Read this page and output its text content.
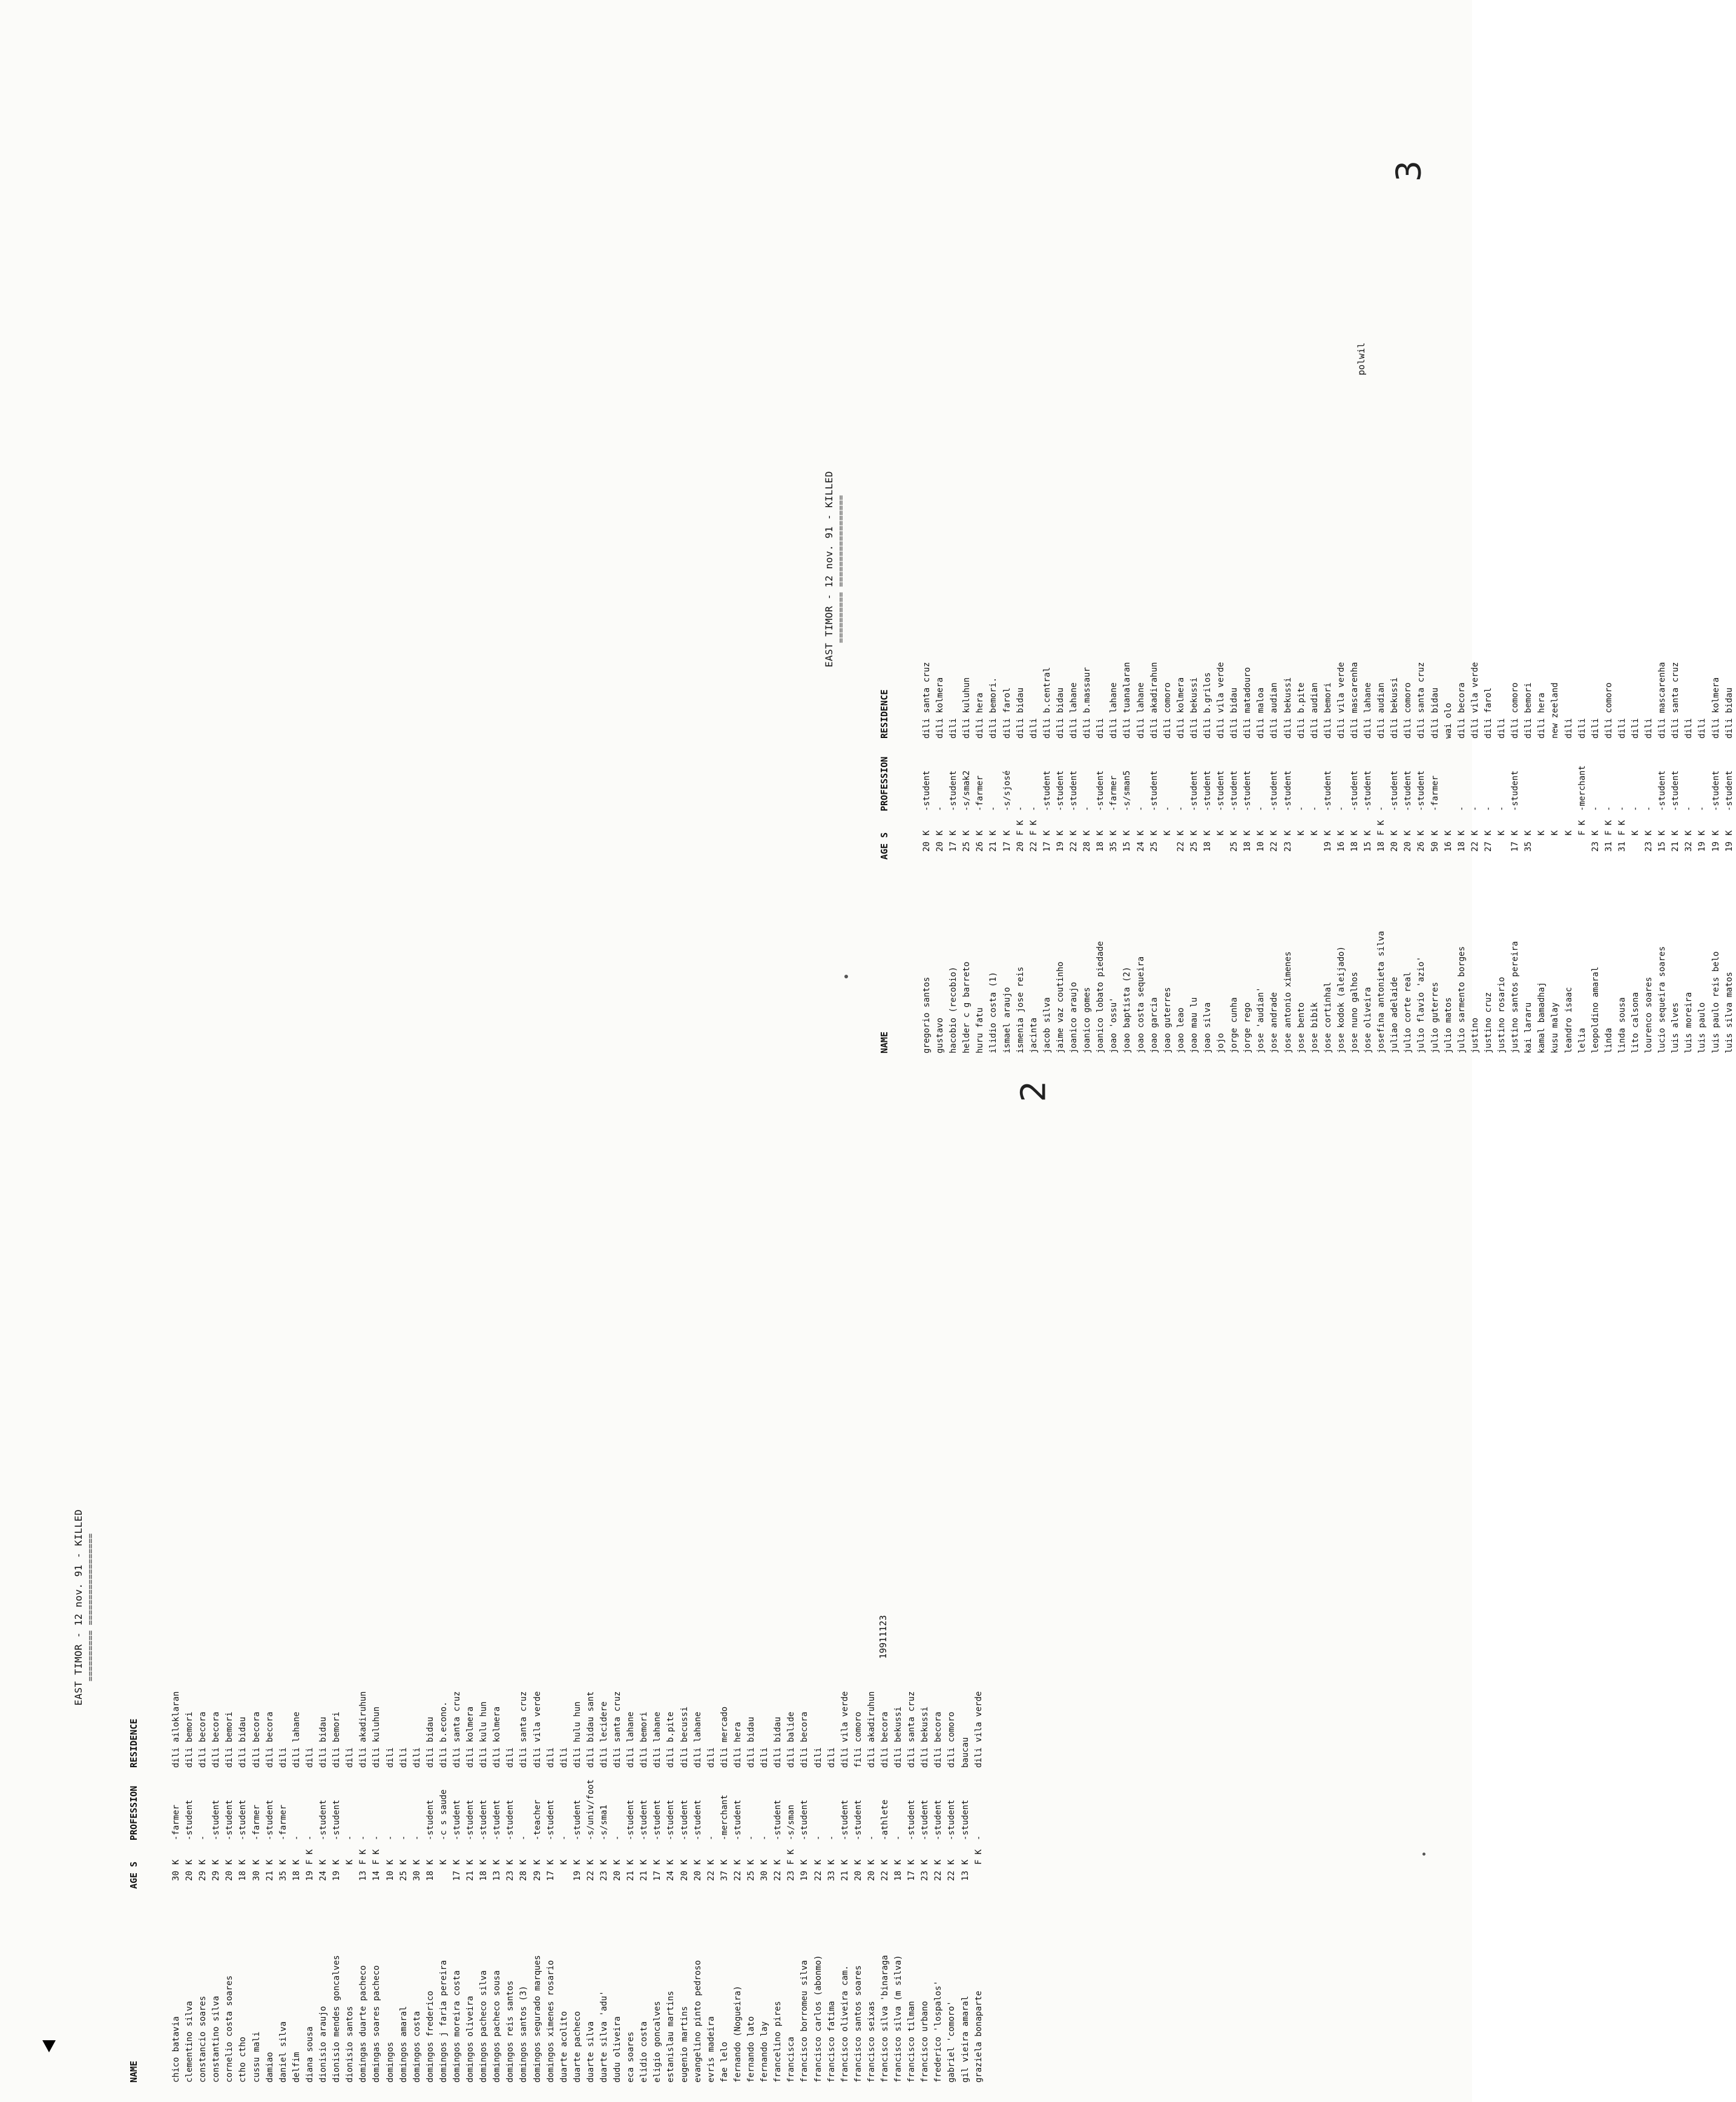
2
3
EAST TIMOR - 12 nov. 91 - KILLED ========== ==================
NAME
AGE S
PROFESSION
RESIDENCE
chico batavia
30
K
-farmer
dili ailoklaran
clementino silva
20
K
-student
dili bemori
constancio soares
29
K
-
dili becora
constantino silva
29
K
-student
dili becora
cornelio costa soares
20
K
-student
dili bemori
ctho ctho
18
K
-student
dili bidau
cussu mali
30
K
-farmer
dili becora
damiao
21
K
-student
dili becora
daniel silva
35
K
-farmer
dili
delfim
18
K
-
dili lahane
diana sousa
19
F K
-
dili
dionisio araujo
24
K
-student
dili bidau
dionisio mendes goncalves
19
K
-student
dili bemori
dionisio santos
K
-
dili
domingas duarte pacheco
13
F K
-
dili akadiruhun
domingas soares pacheco
14
F K
-
dili kuluhun
domingos
10
K
-
dili
domingos amaral
25
K
-
dili
domingos costa
30
K
-
dili
domingos frederico
18
K
-student
dili bidau
domingos j faria pereira
K
-c s saude
dili b.econo.
domingos moreira costa
17
K
-student
dili santa cruz
domingos oliveira
21
K
-student
dili kolmera
domingos pacheco silva
18
K
-student
dili kulu hun
domingos pacheco sousa
13
K
-student
dili kolmera
domingos reis santos
23
K
-student
dili
domingos santos (3)
28
K
-
dili santa cruz
domingos segurado marques
29
K
-teacher
dili vila verde
domingos ximenes rosario
17
K
-student
dili
duarte acolito
K
-
dili
duarte pacheco
19
K
-student
dili hulu hun
duarte silva
22
K
-s/univ/foot
dili bidau sant
duarte silva 'adu'
23
K
-s/sma1
dili lecidere
dudu oliveira
20
K
-
dili santa cruz
eca soares
21
K
-student
dili lahane
elidio costa
21
K
-student
dili bemori
eligio goncalves
17
K
-student
dili lahane
estanislau martins
24
K
-student
dili b.pite
eugenio martins
20
K
-student
dili becussi
evangelino pinto pedroso
20
K
-student
dili lahane
evris madeira
22
K
-
dili
fae lelo
37
K
-merchant
dili mercado
fernando (Nogueira)
22
K
-student
dili hera
fernando lato
25
K
-
dili bidau
fernando lay
30
K
-
dili
francelino pires
22
K
-student
dili bidau
francisca
23
F K
-s/sman
dili balide
francisco borromeu silva
19
K
-student
dili becora
francisco carlos (abonmo)
22
K
-
dili
francisco fatima
33
K
-
dili
francisco oliveira cam.
21
K
-student
dili vila verde
francisco santos soares
20
K
-student
fili comoro
francisco seixas
20
K
-
dili akadiruhun
francisco silva 'binaraga
22
K
-athlete
dili becora
francisco silva (m silva)
18
K
-
dili bekussi
francisco tilman
17
K
-student
dili santa cruz
francisco urbano
23
K
-student
dili bekussi
frederico 'lospalos'
22
K
-student
dili becora
gabriel 'comoro'
22
K
-student
dili comoro
gil vieira amaral
13
K
-student
baucau
graziela bonaparte
F K
-
dili vila verde
19911123
EAST TIMOR - 12 nov. 91 - KILLED ========== ==================
NAME
AGE S
PROFESSION
RESIDENCE
gregorio santos
20
K
-student
dili santa cruz
gustavo
20
K
-
dili kolmera
hacobio (recobio)
17
K
-student
dili
helder c g barreto
25
K
-s/smak2
dili kuluhun
huru fatu
26
K
-farmer
dili hera
ilidio costa (1)
21
K
-
dili bemori.
ismael araujo
17
K
-s/sjosé
dili farol
ismenia jose reis
20
F K
-
dili bidau
jacinta
22
F K
-
dili
jacob silva
17
K
-student
dili b.central
jaime vaz coutinho
19
K
-student
dili bidau
joanico araujo
22
K
-student
dili lahane
joanico gomes
28
K
-
dili b.massaur
joanico lobato piedade
18
K
-student
dili
joao 'ossu'
35
K
-farmer
dili lahane
joao baptista (2)
15
K
-s/sman5
dili tuanalaran
joao costa sequeira
24
K
-
dili lahane
joao garcia
25
K
-student
dili akadirahun
joao guterres
K
-
dili comoro
joao leao
22
K
-
dili kolmera
joao mau lu
25
K
-student
dili bekussi
joao silva
18
K
-student
dili b.grilos
jojo
K
-student
dili vila verde
jorge cunha
25
K
-student
dili bidau
jorge rego
18
K
-student
dili matadouro
jose 'audian'
10
K
-
dili maloa
jose andrade
22
K
-student
dili audian
jose antonio ximenes
23
K
-student
dili bekussi
jose bento
K
-
dili b.pite
jose bibik
K
-
dili audian
jose cortinhal
19
K
-student
dili bemori
jose kodok (aleijado)
16
K
-
dili vila verde
jose nuno galhos
18
K
-student
dili mascarenha
jose oliveira
15
K
-student
dili lahane
josefina antonieta silva
18
F K
-
dili audian
juliao adelaide
20
K
-student
dili bekussi
julio corte real
20
K
-student
dili comoro
julio flavio 'azio'
26
K
-student
dili santa cruz
julio guterres
50
K
-farmer
dili bidau
julio matos
16
K
wai olo
julio sarmento borges
18
K
-
dili becora
justino
22
K
-
dili vila verde
justino cruz
27
K
-
dili farol
justino rosario
K
-
dili
justino santos pereira
17
K
-student
dili comoro
kai lararu
35
K
dili bemori
kamal bamadhaj
K
dili hera
kusu malay
K
new zeeland
leandro isaac
K
dili
lelia
F K
-merchant
dili
leopoldino amaral
23
K
-
dili
linda
31
F K
-
dili comoro
linda sousa
31
F K
-
dili
lito calsona
K
-
dili
lourenco soares
23
K
-
dili
lucio sequeira soares
15
K
-student
dili mascarenha
luis alves
21
K
-student
dili santa cruz
luis moreira
32
K
-
dili
luis paulo
19
K
-
dili
luis paulo reis belo
19
K
-student
dili kolmera
luis silva matos
19
K
-student
dili bidau
polwil
